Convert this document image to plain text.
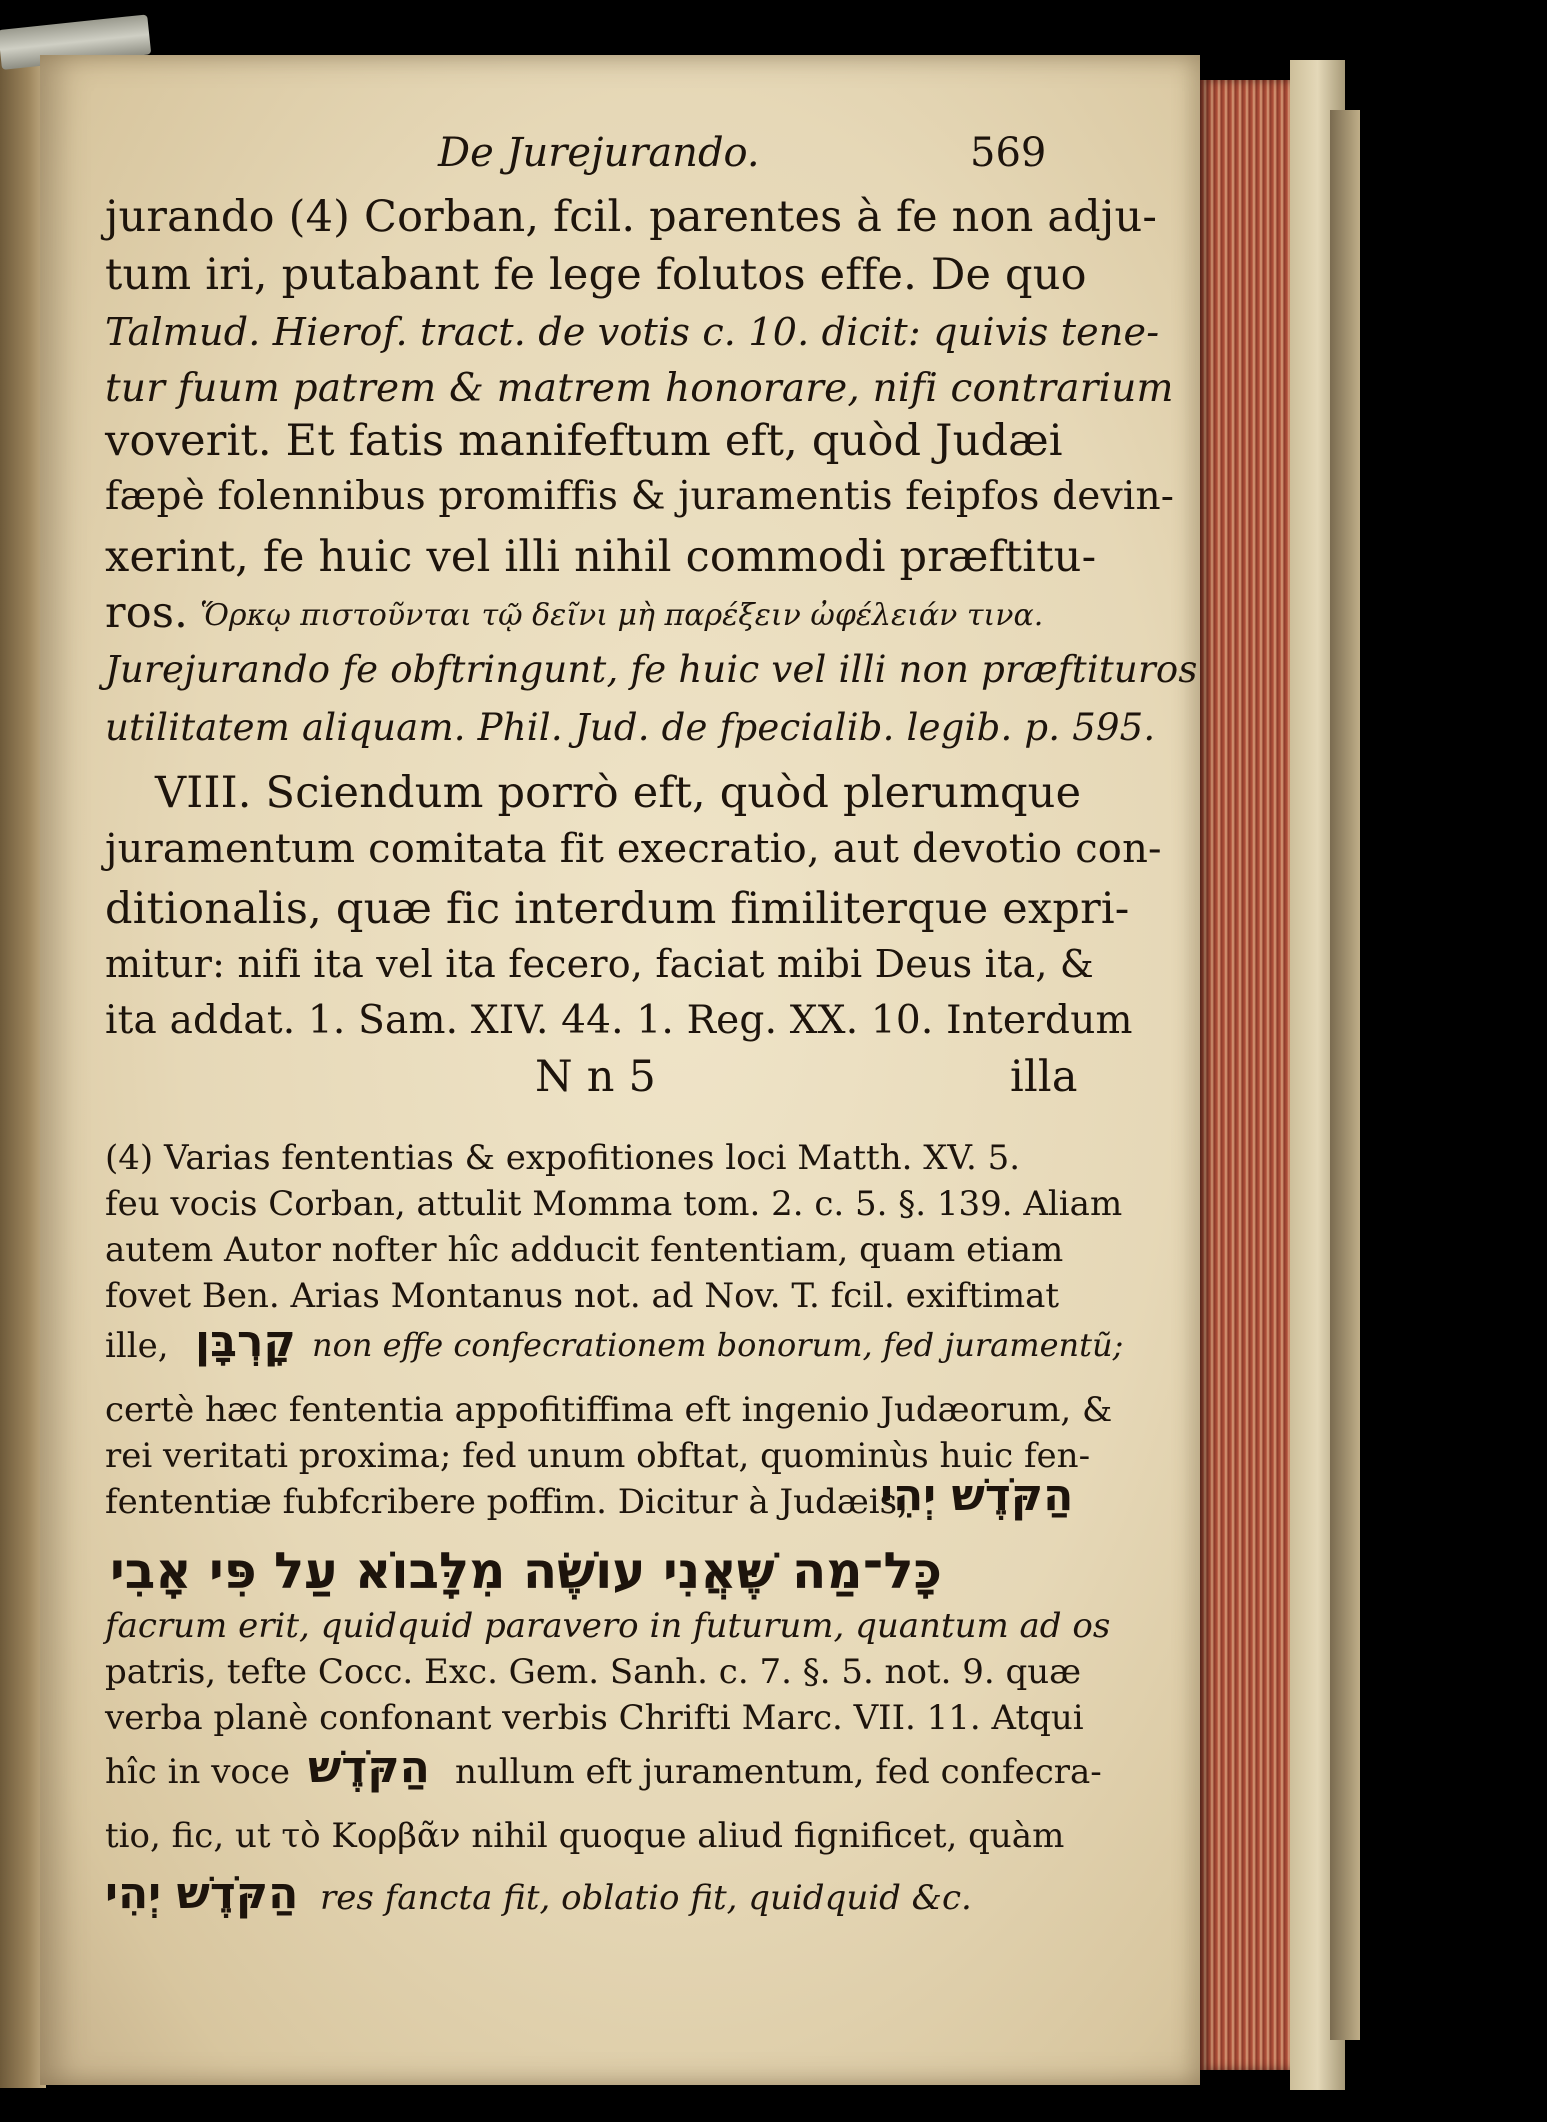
De Jurejurando.	569
jurando (4) Corban, fcil. parentes à fe non adju-
tum iri, putabant fe lege folutos effe. De quo
Talmud. Hierof. tract. de votis c. 10. dicit: quivis tene-
tur fuum patrem & matrem honorare, nifi contrarium
voverit. Et fatis manifeftum eft, quòd Judæi
fæpè folennibus promiffis & juramentis feipfos devin-
xerint, fe huic vel illi nihil commodi præftitu-
ros. Ὅρκῳ πιστοῦνται τῷ δεῖνι μὴ παρέξειν ὠφέλειάν τινα.
Jurejurando fe obftringunt, fe huic vel illi non præftituros
utilitatem aliquam. Phil. Jud. de fpecialib. legib. p. 595.
VIII. Sciendum porrò eft, quòd plerumque
juramentum comitata fit execratio, aut devotio con-
ditionalis, quæ fic interdum fimiliterque expri-
mitur: nifi ita vel ita fecero, faciat mibi Deus ita, &
ita addat. 1. Sam. XIV. 44. 1. Reg. XX. 10. Interdum
N n 5	illa
(4) Varias fententias & expofitiones loci Matth. XV. 5.
feu vocis Corban, attulit Momma tom. 2. c. 5. §. 139. Aliam
autem Autor nofter hîc adducit fententiam, quam etiam
fovet Ben. Arias Montanus not. ad Nov. T. fcil. exiftimat
ille, קָרְבָּן non effe confecrationem bonorum, fed juramentũ;
certè hæc fententia appofitiffima eft ingenio Judæorum, &
rei veritati proxima; fed unum obftat, quominùs huic fen-
fententiæ fubfcribere poffim. Dicitur à Judæis,
הַקֹּדֶשׁ יְהִי
כָּל־מַה שֶּׁאֲנִי עוֹשֶׂה מִלָּבוֹא עַל פִּי אָבִי
facrum erit, quidquid paravero in futurum, quantum ad os
patris, tefte Cocc. Exc. Gem. Sanh. c. 7. §. 5. not. 9. quæ
verba planè confonant verbis Chrifti Marc. VII. 11. Atqui
hîc in voce הַקֹּדֶשׁ nullum eft juramentum, fed confecra-
tio, fic, ut τὸ Κορβᾶν nihil quoque aliud fignificet, quàm
הַקֹּדֶשׁ יְהִי res fancta fit, oblatio fit, quidquid &c.
